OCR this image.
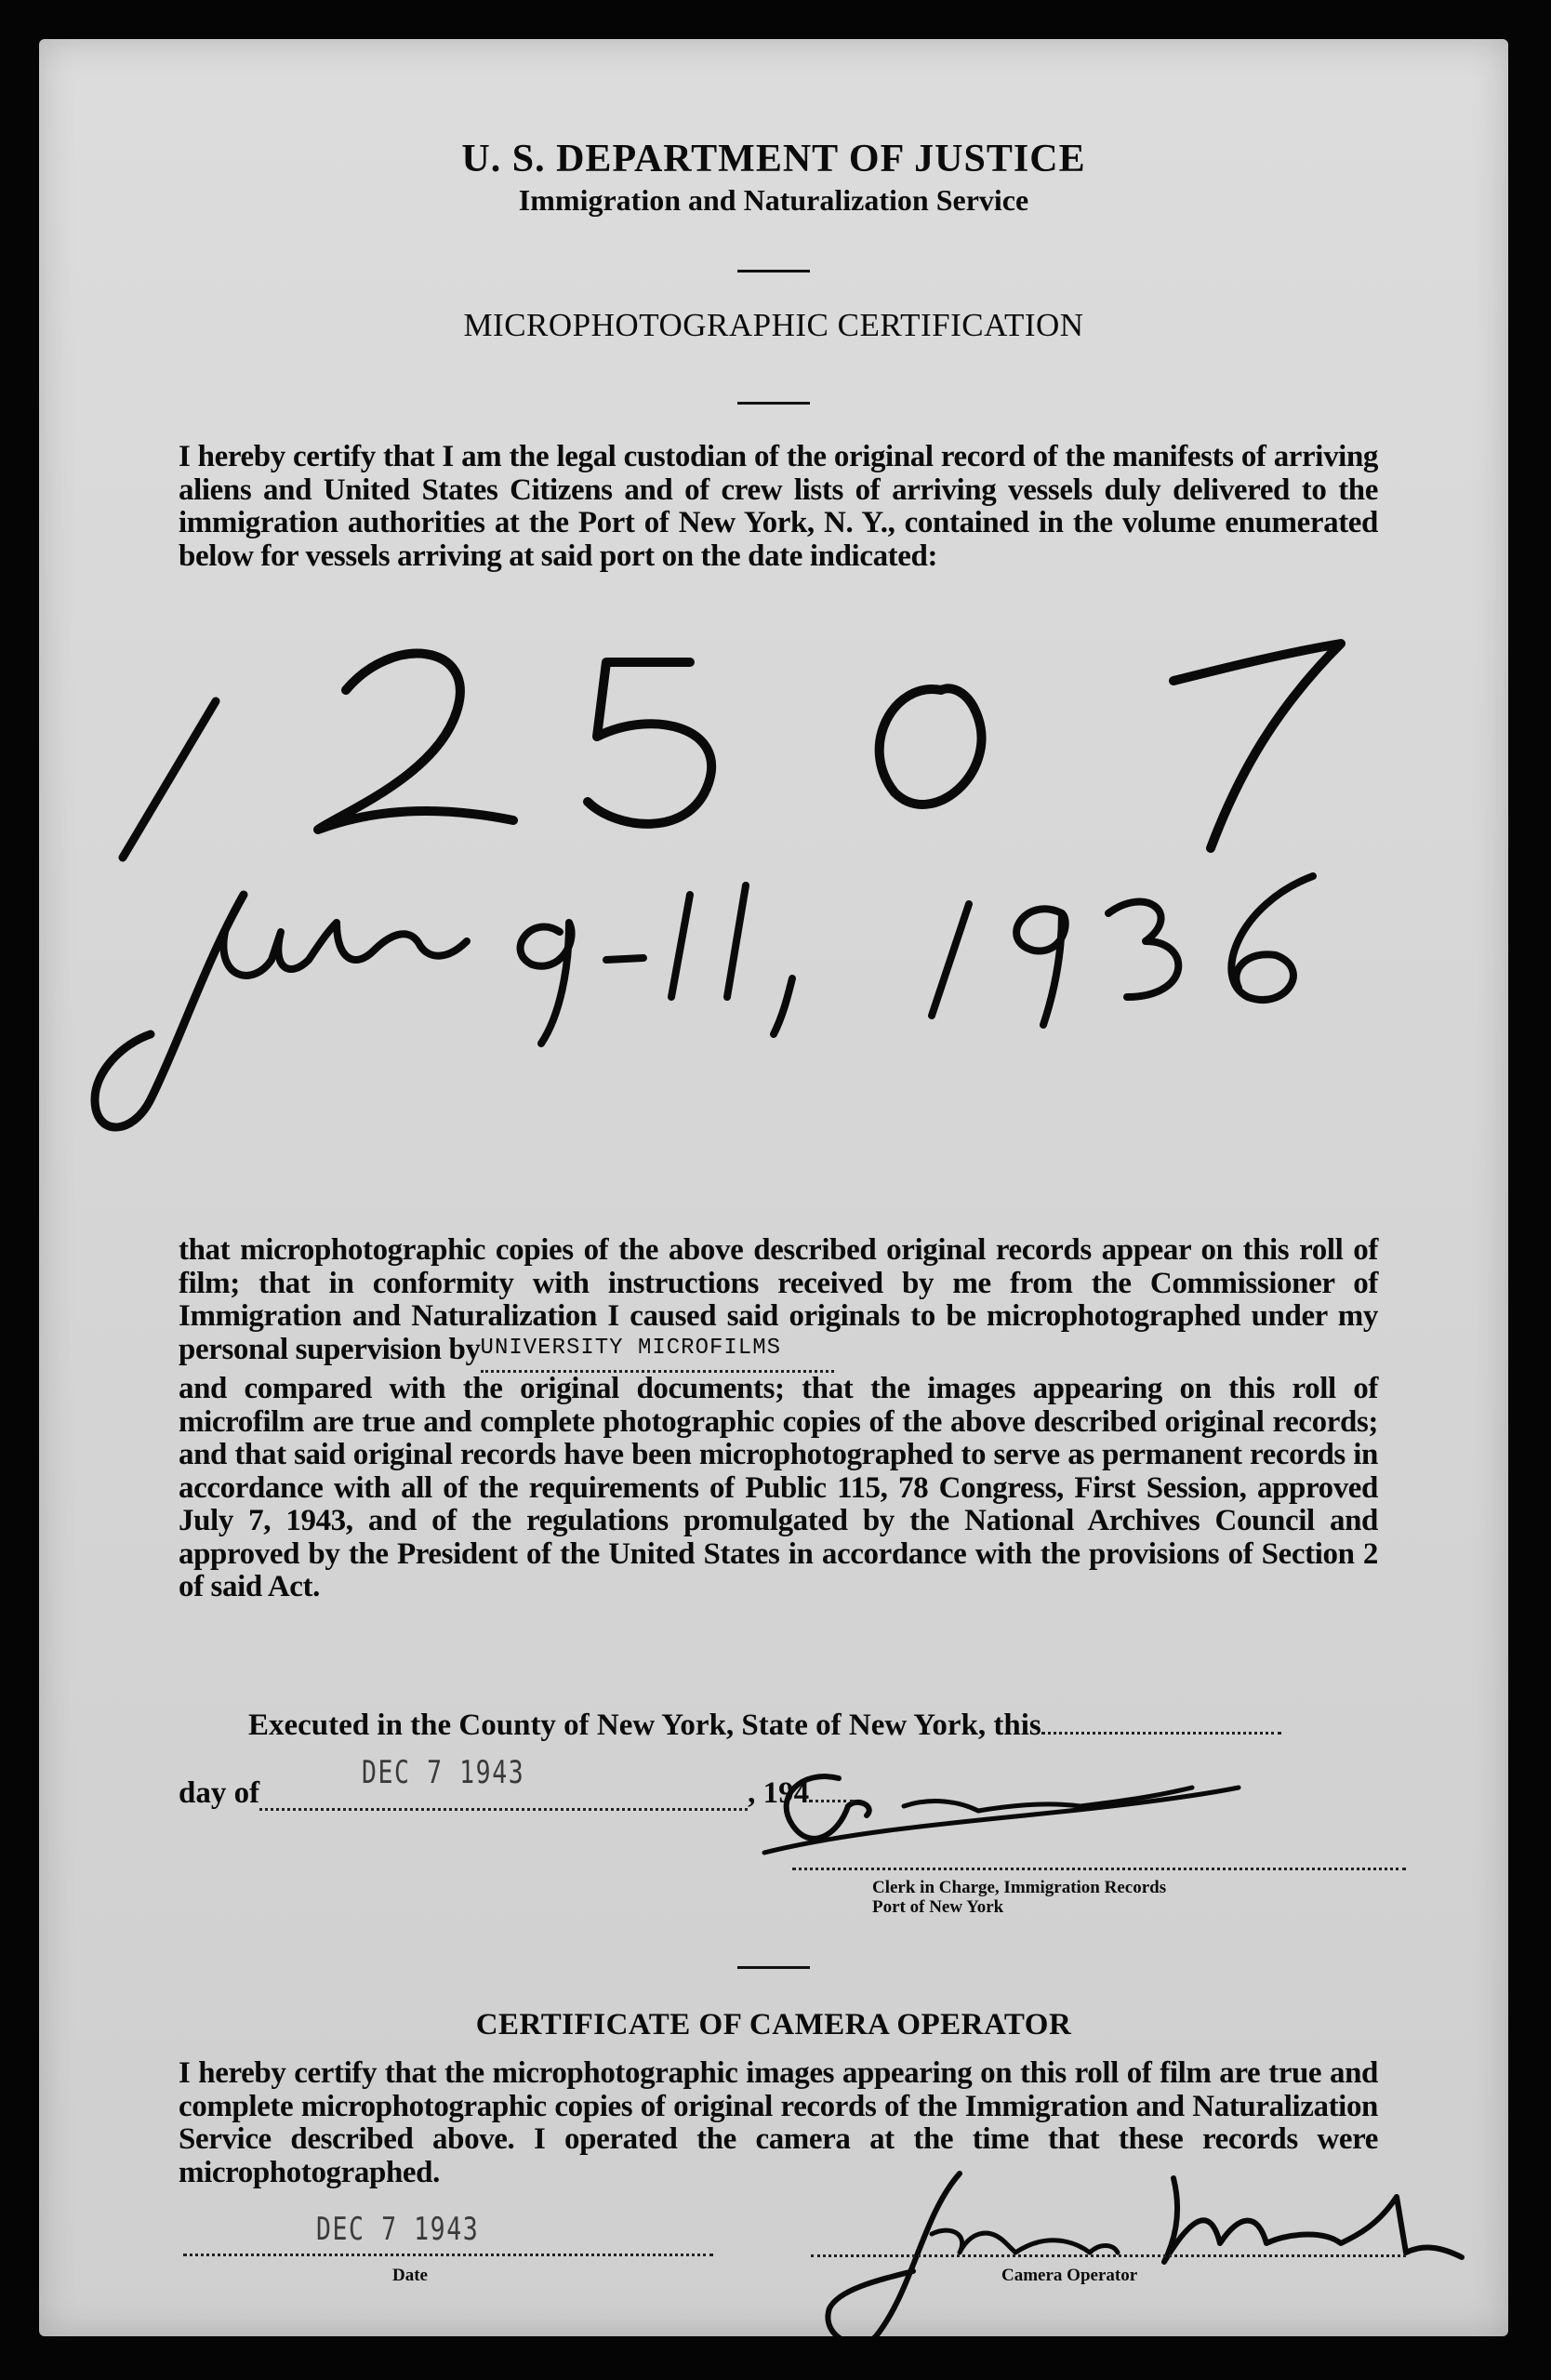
U. S. DEPARTMENT OF JUSTICE
Immigration and Naturalization Service
MICROPHOTOGRAPHIC CERTIFICATION

I hereby certify that I am the legal custodian of the original record of the manifests of arriving aliens and United States Citizens and of crew lists of arriving vessels duly delivered to the immigration authorities at the Port of New York, N. Y., contained in the volume enumerated below for vessels arriving at said port on the date indicated:

that microphotographic copies of the above described original records appear on this roll of film; that in conformity with instructions received by me from the Commissioner of Immigration and Naturalization I caused said originals to be microphotographed under my personal supervision byUNIVERSITY MICROFILMS

and compared with the original documents; that the images appearing on this roll of microfilm are true and complete photographic copies of the above described original records; and that said original records have been microphotographed to serve as permanent records in accordance with all of the requirements of Public 115, 78 Congress, First Session, approved July 7, 1943, and of the regulations promulgated by the National Archives Council and approved by the President of the United States in accordance with the provisions of Section 2 of said Act.

Executed in the County of New York, State of New York, this
day of
DEC 7 1943
, 194
Clerk in Charge, Immigration Records
Port of New York
CERTIFICATE OF CAMERA OPERATOR

I hereby certify that the microphotographic images appearing on this roll of film are true and complete microphotographic copies of original records of the Immigration and Naturalization Service described above. I operated the camera at the time that these records were microphotographed.

DEC 7 1943
Date	Camera Operator
